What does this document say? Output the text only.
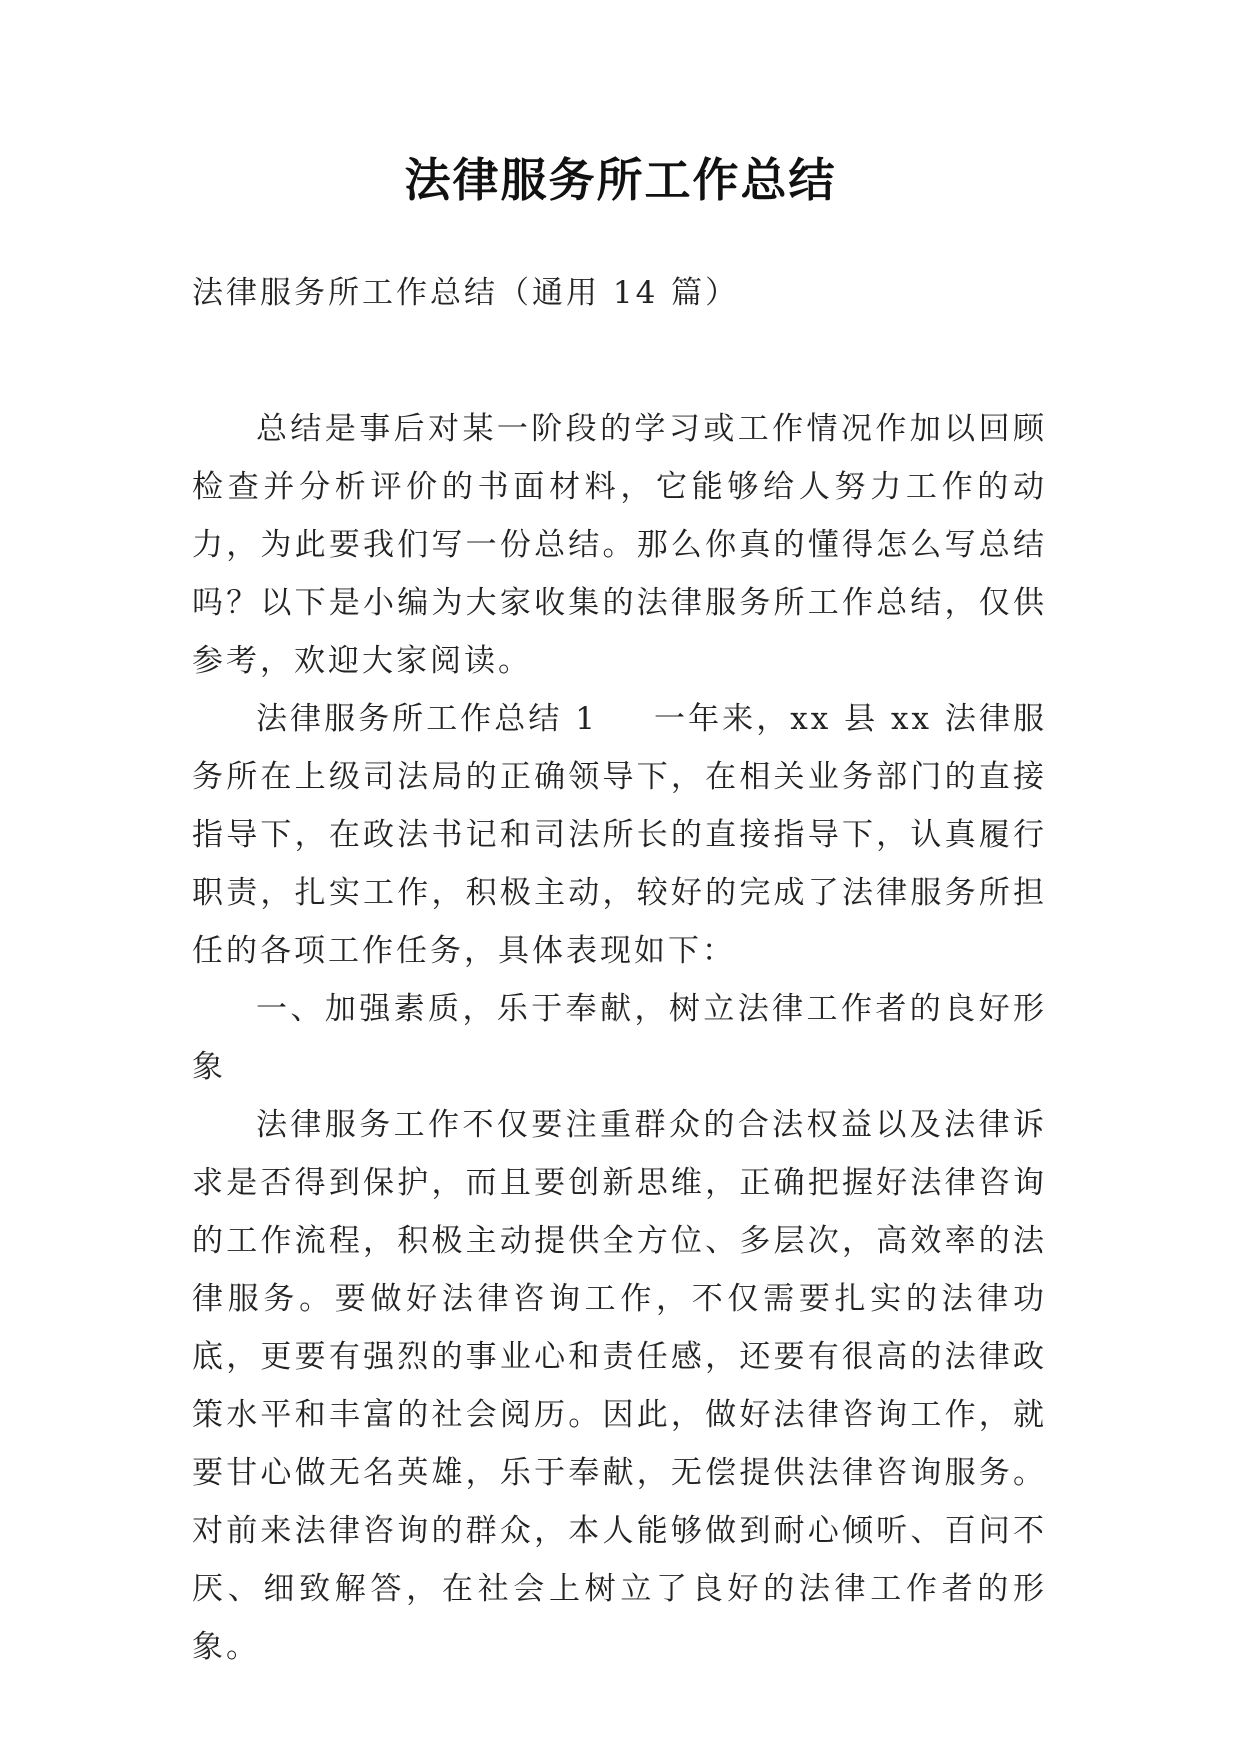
法律服务所工作总结
法律服务所工作总结（通用 14 篇）

总结是事后对某一阶段的学习或工作情况作加以回顾检查并分析评价的书面材料，它能够给人努力工作的动力，为此要我们写一份总结。那么你真的懂得怎么写总结吗？以下是小编为大家收集的法律服务所工作总结，仅供参考，欢迎大家阅读。

法律服务所工作总结 1 一年来，xx 县 xx 法律服务所在上级司法局的正确领导下，在相关业务部门的直接指导下，在政法书记和司法所长的直接指导下，认真履行职责，扎实工作，积极主动，较好的完成了法律服务所担任的各项工作任务，具体表现如下：

一、加强素质，乐于奉献，树立法律工作者的良好形象

法律服务工作不仅要注重群众的合法权益以及法律诉求是否得到保护，而且要创新思维，正确把握好法律咨询的工作流程，积极主动提供全方位、多层次，高效率的法律服务。要做好法律咨询工作，不仅需要扎实的法律功底，更要有强烈的事业心和责任感，还要有很高的法律政策水平和丰富的社会阅历。因此，做好法律咨询工作，就要甘心做无名英雄，乐于奉献，无偿提供法律咨询服务。对前来法律咨询的群众，本人能够做到耐心倾听、百问不厌、细致解答，在社会上树立了良好的法律工作者的形象。
